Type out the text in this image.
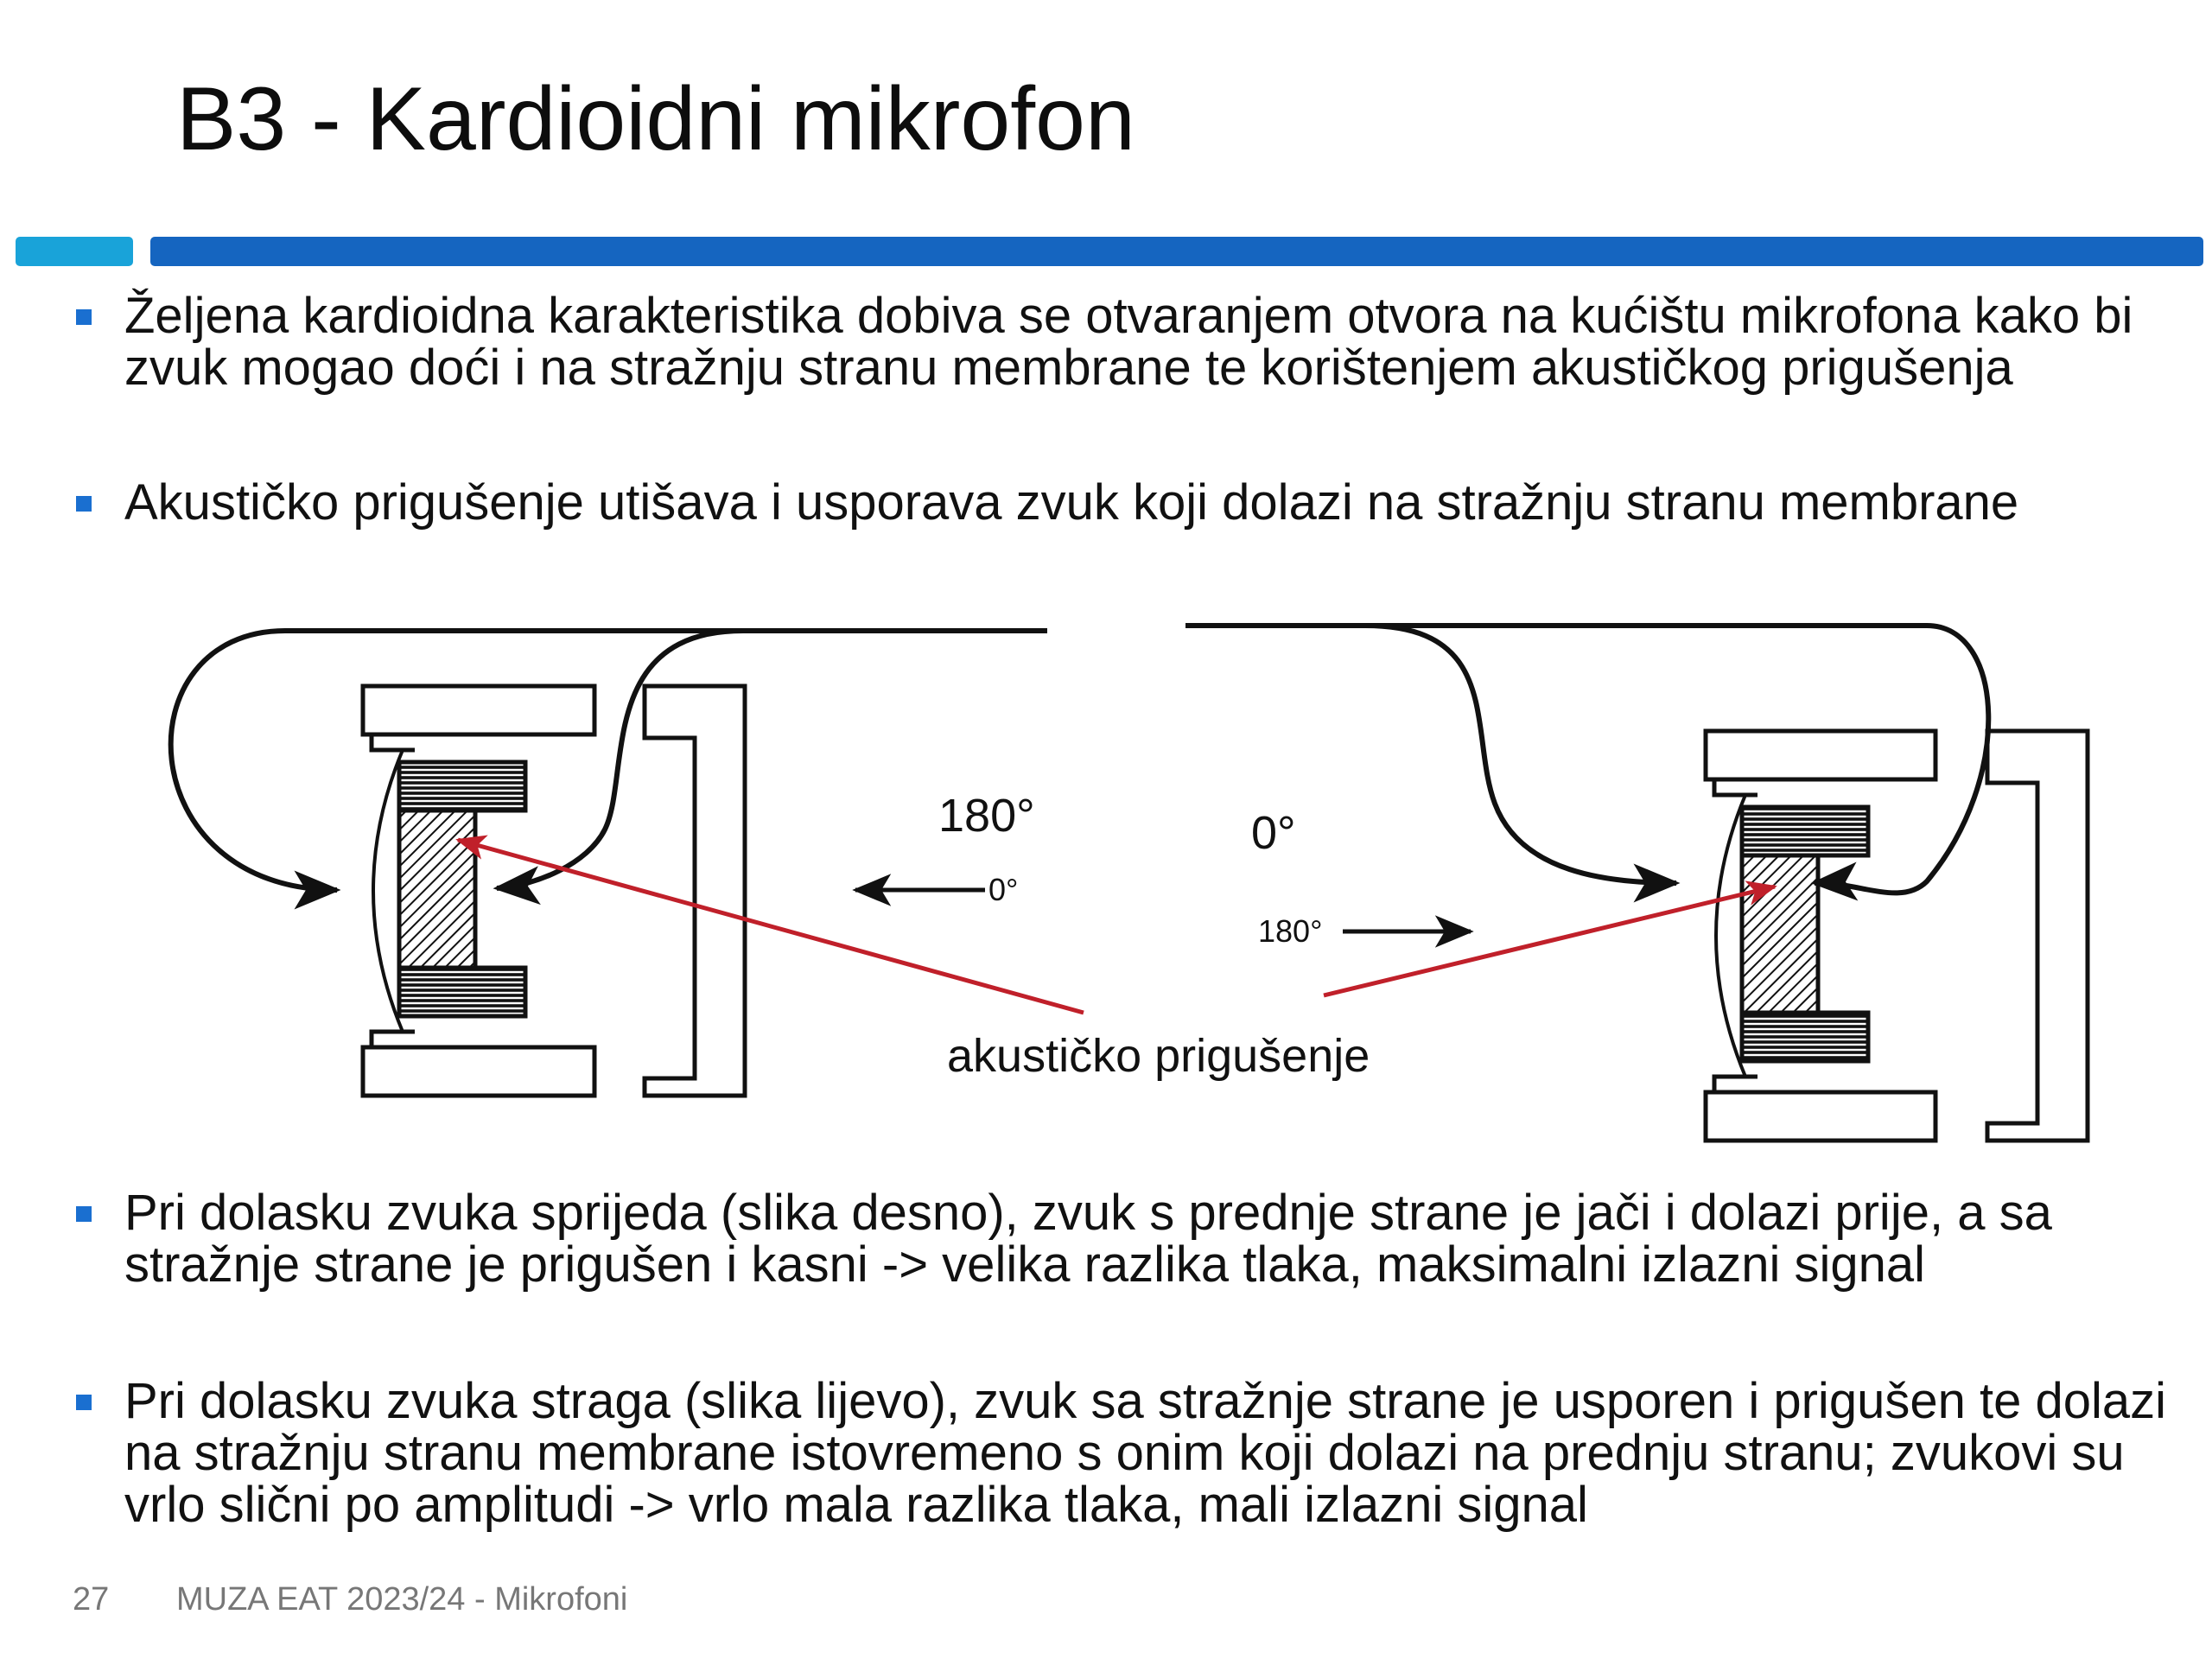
B3 - Kardioidni mikrofon
Željena kardioidna karakteristika dobiva se otvaranjem otvora na kućištu mikrofona kako bi zvuk mogao doći i na stražnju stranu membrane te korištenjem akustičkog prigušenja
Akustičko prigušenje utišava i usporava zvuk koji dolazi na stražnju stranu membrane
0°
180°
180°
0°
akustičko prigušenje
Pri dolasku zvuka sprijeda (slika desno), zvuk s prednje strane je jači i dolazi prije, a sa stražnje strane je prigušen i kasni -> velika razlika tlaka, maksimalni izlazni signal
Pri dolasku zvuka straga (slika lijevo), zvuk sa stražnje strane je usporen i prigušen te dolazi na stražnju stranu membrane istovremeno s onim koji dolazi na prednju stranu; zvukovi su vrlo slični po amplitudi -> vrlo mala razlika tlaka, mali izlazni signal
27 MUZA EAT 2023/24 - Mikrofoni
